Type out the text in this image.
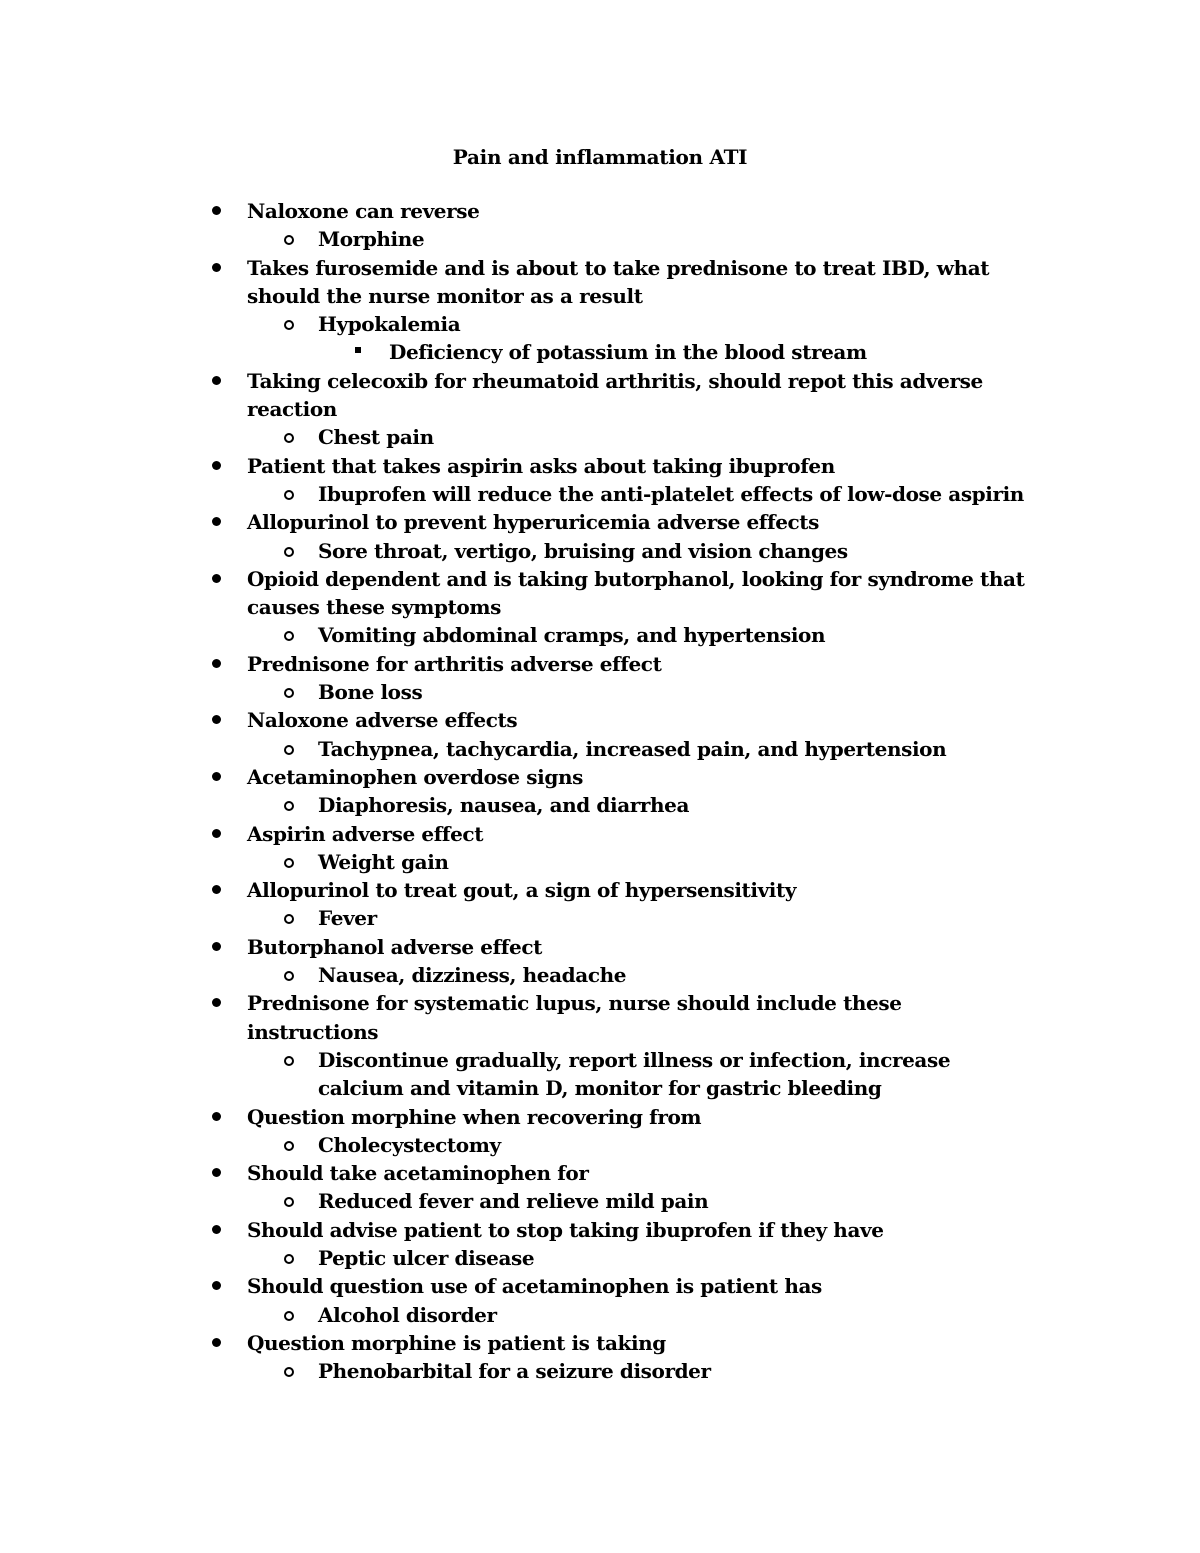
Pain and inflammation ATI
Naloxone can reverse
Morphine
Takes furosemide and is about to take prednisone to treat IBD, what should the nurse monitor as a result
Hypokalemia
Deficiency of potassium in the blood stream
Taking celecoxib for rheumatoid arthritis, should repot this adverse reaction
Chest pain
Patient that takes aspirin asks about taking ibuprofen
Ibuprofen will reduce the anti-platelet effects of low-dose aspirin
Allopurinol to prevent hyperuricemia adverse effects
Sore throat, vertigo, bruising and vision changes
Opioid dependent and is taking butorphanol, looking for syndrome that causes these symptoms
Vomiting abdominal cramps, and hypertension
Prednisone for arthritis adverse effect
Bone loss
Naloxone adverse effects
Tachypnea, tachycardia, increased pain, and hypertension
Acetaminophen overdose signs
Diaphoresis, nausea, and diarrhea
Aspirin adverse effect
Weight gain
Allopurinol to treat gout, a sign of hypersensitivity
Fever
Butorphanol adverse effect
Nausea, dizziness, headache
Prednisone for systematic lupus, nurse should include these instructions
Discontinue gradually, report illness or infection, increase calcium and vitamin D, monitor for gastric bleeding
Question morphine when recovering from
Cholecystectomy
Should take acetaminophen for
Reduced fever and relieve mild pain
Should advise patient to stop taking ibuprofen if they have
Peptic ulcer disease
Should question use of acetaminophen is patient has
Alcohol disorder
Question morphine is patient is taking
Phenobarbital for a seizure disorder
